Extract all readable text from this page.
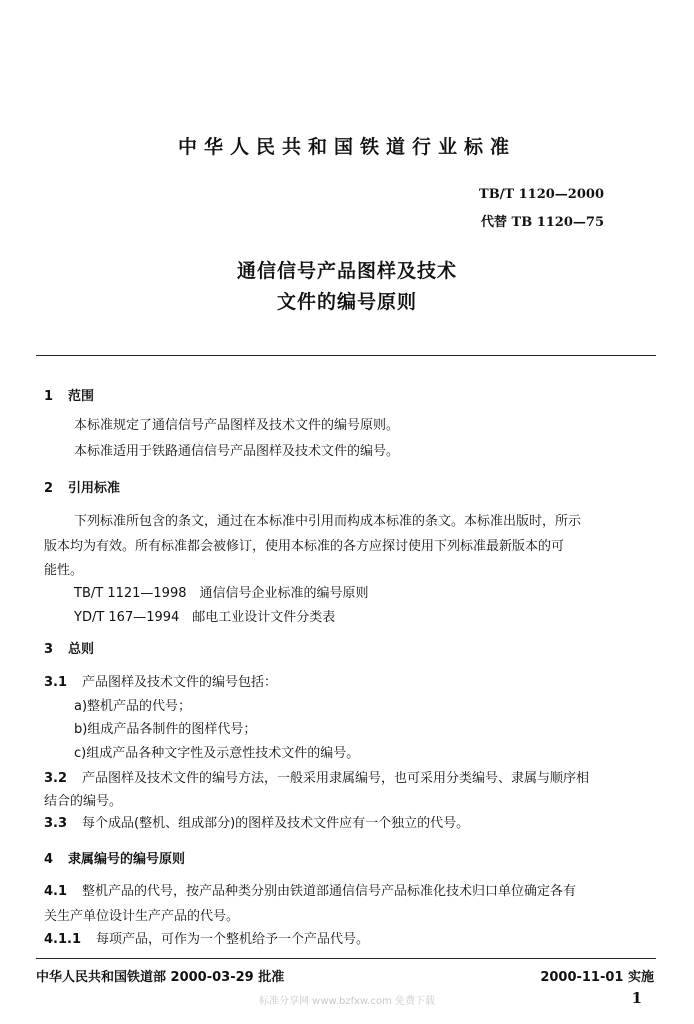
中华人民共和国铁道行业标准
TB/T 1120—2000
代替 TB 1120—75
通信信号产品图样及技术
文件的编号原则
1 范围
本标准规定了通信信号产品图样及技术文件的编号原则。
本标准适用于铁路通信信号产品图样及技术文件的编号。
2 引用标准
下列标准所包含的条文，通过在本标准中引用而构成本标准的条文。本标准出版时，所示
版本均为有效。所有标准都会被修订，使用本标准的各方应探讨使用下列标准最新版本的可
能性。
TB/T 1121—1998　通信信号企业标准的编号原则
YD/T 167—1994　邮电工业设计文件分类表
3 总则
3.1 产品图样及技术文件的编号包括：
a)整机产品的代号；
b)组成产品各制件的图样代号；
c)组成产品各种文字性及示意性技术文件的编号。
3.2 产品图样及技术文件的编号方法，一般采用隶属编号，也可采用分类编号、隶属与顺序相
结合的编号。
3.3 每个成品(整机、组成部分)的图样及技术文件应有一个独立的代号。
4 隶属编号的编号原则
4.1 整机产品的代号，按产品种类分别由铁道部通信信号产品标准化技术归口单位确定各有
关生产单位设计生产产品的代号。
4.1.1 每项产品，可作为一个整机给予一个产品代号。
中华人民共和国铁道部 2000-03-29 批准	2000-11-01 实施
标准分享网 www.bzfxw.com 免费下载	1
